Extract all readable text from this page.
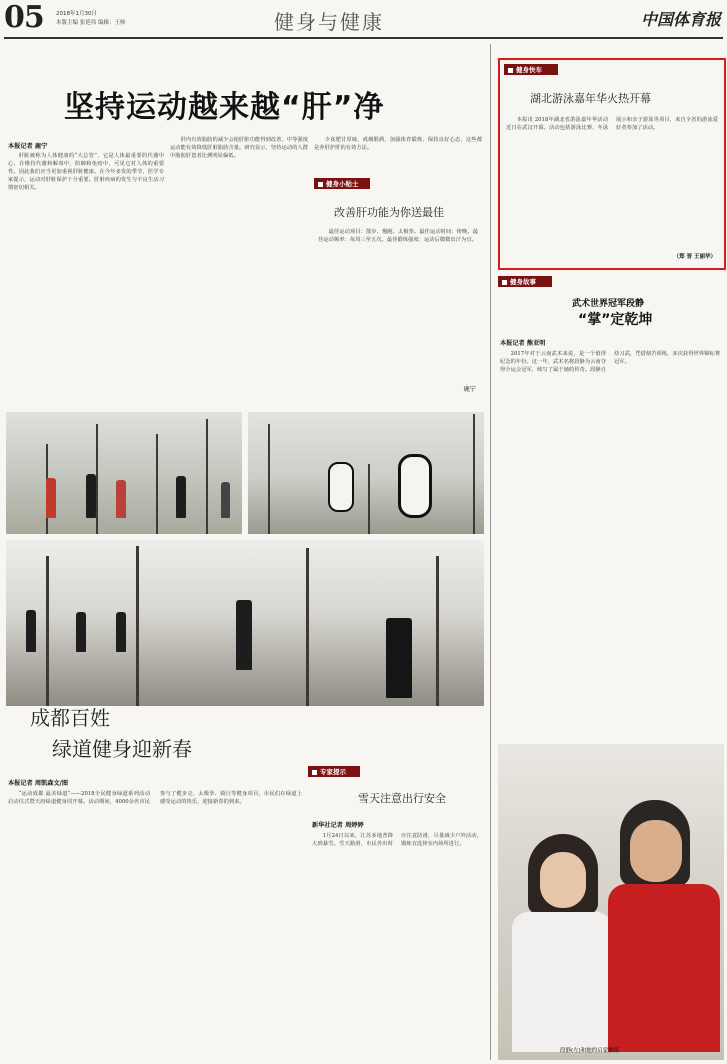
05 2018年1月30日
本版主编 张延伟 编辑：王帅	健身与健康	中国体育报
坚持运动越来越“肝”净
本报记者 鹿宁

肝脏被称为人体健康的“大总管”，它是人体最重要的代谢中心，在维持代谢和解毒中，防御和免疫中，可见它对人体的重要性。因此我们应当更加重视肝脏健康。在今年多发的季节，医学专家提示，运动对肝脏保护十分重要。肝脏疾病的发生与不良生活习惯密切相关。

肝内有效脂肪的减少会使肝脏功能得到改善，中等强度运动能有效降低肝脏脂肪含量。研究显示，坚持运动的人群中脂肪肝患者比例明显偏低。

少食肥甘厚味，戒烟限酒，加强体育锻炼，保持良好心态，这些都是养肝护肝的有效方法。

健身小贴士
改善肝功能为你送最佳

最佳运动项目：散步、慢跑、太极拳。最佳运动时间：傍晚。最佳运动频率：每周三至五次。最佳锻炼强度：运动后微微出汗为宜。

鹿宁
成都百姓
绿道健身迎新春
本报记者 周凯森文/图

“运动成都 最美绿道”——2018全民健身绿道系列活动启动仪式暨天府绿道健身周开幕。活动期间，4000余名市民参与了健步走、太极拳、骑行等健身项目，市民们在绿道上感受运动的快乐，迎接新春的到来。

专家提示
雪天注意出行安全
新华社记者 周婷婷

1月24日以来，江苏多地普降大到暴雪。雪天路滑，市民外出时应注意防滑，尽量减少户外活动，锻炼宜选择室内场所进行。

健身快车
湖北游泳嘉年华火热开幕

本报讯 2018年湖北省游泳嘉年华活动近日在武汉开幕。活动包括游泳比赛、冬泳展示和亲子游泳等项目，来自全省的游泳爱好者参加了活动。

（郑 晋 王丽华）
健身故事
武术世界冠军段静
“掌”定乾坤
本报记者 熊亚明

2017年对于云南武术来说，是一个值得纪念的年份。这一年，武术名将段静为云南夺得全运会冠军，续写了属于她的传奇。段静自幼习武，凭借刻苦训练，多次获得世界锦标赛冠军。

段静(左)和她的启蒙教练
